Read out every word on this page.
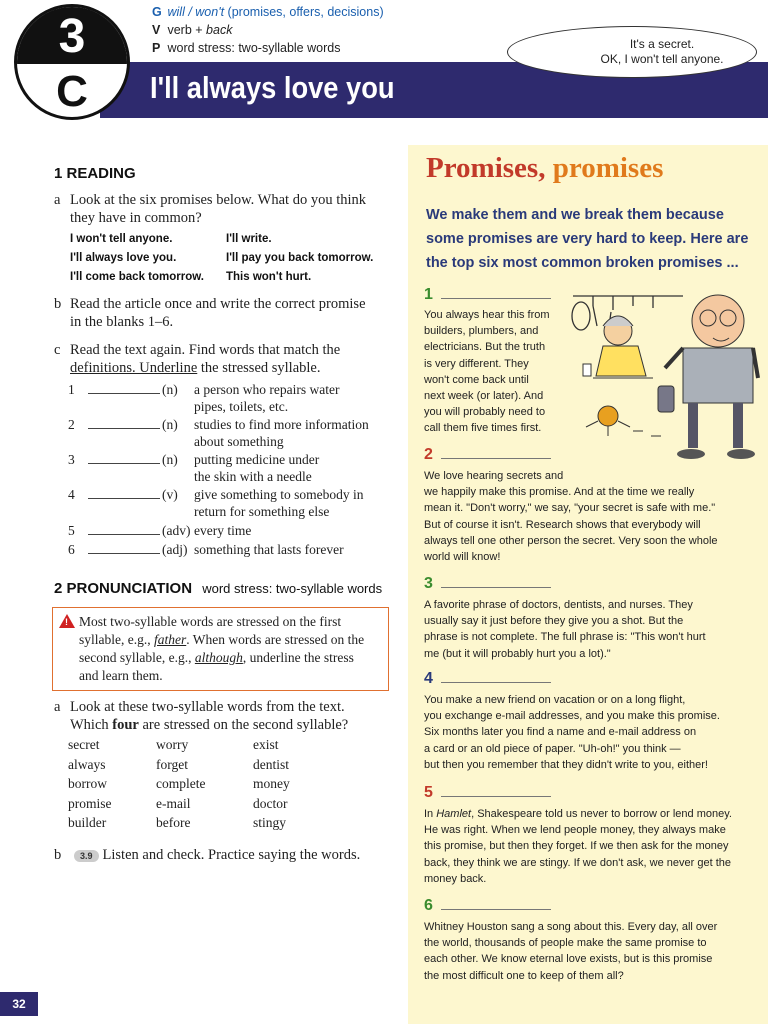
I'll always love you
3
C
G will / won't (promises, offers, decisions)
V verb + back
P word stress: two-syllable words	It's a secret.
OK, I won't tell anyone.
1 READING
a Look at the six promises below. What do you think
they have in common?
I won't tell anyone.	I'll write.
I'll always love you.	I'll pay you back tomorrow.
I'll come back tomorrow. This won't hurt.
b Read the article once and write the correct promise
in the blanks 1–6.
c Read the text again. Find words that match the
definitions. Underline the stressed syllable.
1	(n)	a person who repairs water
pipes, toilets, etc.
2	(n)	studies to find more information
about something
3	(n)	putting medicine under
the skin with a needle
4	(v)	give something to somebody in
return for something else
5	(adv) every time
6	(adj) something that lasts forever
2 PRONUNCIATION word stress: two-syllable words
! Most two-syllable words are stressed on the first
syllable, e.g., father. When words are stressed on the
second syllable, e.g., although, underline the stress
and learn them.
a Look at these two-syllable words from the text.
Which four are stressed on the second syllable?
secret	worry	exist
always	forget	dentist
borrow	complete	money
promise	e-mail	doctor
builder	before	stingy
b	3.9 Listen and check. Practice saying the words.
Promises, promises
We make them and we break them because
some promises are very hard to keep. Here are
the top six most common broken promises ...
1
You always hear this from
builders, plumbers, and
electricians. But the truth
is very different. They
won't come back until
next week (or later). And
you will probably need to
call them five times first.
2
We love hearing secrets and
we happily make this promise. And at the time we really
mean it. "Don't worry," we say, "your secret is safe with me."
But of course it isn't. Research shows that everybody will
always tell one other person the secret. Very soon the whole
world will know!
3
A favorite phrase of doctors, dentists, and nurses. They
usually say it just before they give you a shot. But the
phrase is not complete. The full phrase is: "This won't hurt
me (but it will probably hurt you a lot)."
4
You make a new friend on vacation or on a long flight,
you exchange e-mail addresses, and you make this promise.
Six months later you find a name and e-mail address on
a card or an old piece of paper. "Uh-oh!" you think —
but then you remember that they didn't write to you, either!
5
In Hamlet, Shakespeare told us never to borrow or lend money.
He was right. When we lend people money, they always make
this promise, but then they forget. If we then ask for the money
back, they think we are stingy. If we don't ask, we never get the
money back.
6
Whitney Houston sang a song about this. Every day, all over
the world, thousands of people make the same promise to
each other. We know eternal love exists, but is this promise
the most difficult one to keep of them all?
32
